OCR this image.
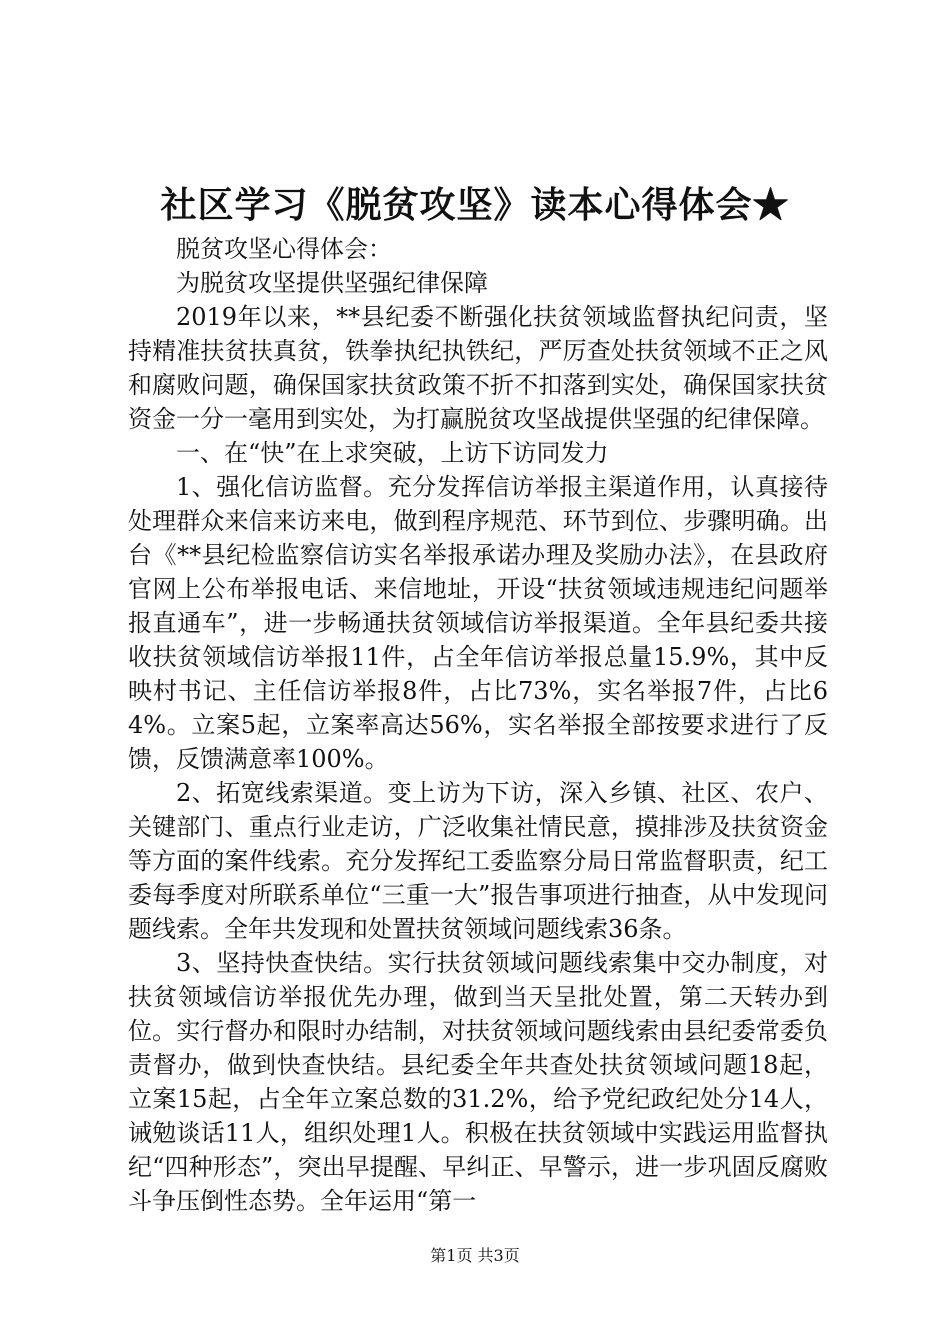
社区学习《脱贫攻坚》读本心得体会★

脱贫攻坚心得体会：

为脱贫攻坚提供坚强纪律保障

2019年以来，**县纪委不断强化扶贫领域监督执纪问责，坚持精准扶贫扶真贫，铁拳执纪执铁纪，严厉查处扶贫领域不正之风和腐败问题，确保国家扶贫政策不折不扣落到实处，确保国家扶贫资金一分一毫用到实处，为打赢脱贫攻坚战提供坚强的纪律保障。

一、在“快”在上求突破，上访下访同发力

1、强化信访监督。充分发挥信访举报主渠道作用，认真接待处理群众来信来访来电，做到程序规范、环节到位、步骤明确。出台《**县纪检监察信访实名举报承诺办理及奖励办法》，在县政府官网上公布举报电话、来信地址，开设“扶贫领域违规违纪问题举报直通车”，进一步畅通扶贫领域信访举报渠道。全年县纪委共接收扶贫领域信访举报11件，占全年信访举报总量15.9%，其中反映村书记、主任信访举报8件，占比73%，实名举报7件，占比64%。立案5起，立案率高达56%，实名举报全部按要求进行了反馈，反馈满意率100%。

2、拓宽线索渠道。变上访为下访，深入乡镇、社区、农户、关键部门、重点行业走访，广泛收集社情民意，摸排涉及扶贫资金等方面的案件线索。充分发挥纪工委监察分局日常监督职责，纪工委每季度对所联系单位“三重一大”报告事项进行抽查，从中发现问题线索。全年共发现和处置扶贫领域问题线索36条。

3、坚持快查快结。实行扶贫领域问题线索集中交办制度，对扶贫领域信访举报优先办理，做到当天呈批处置，第二天转办到位。实行督办和限时办结制，对扶贫领域问题线索由县纪委常委负责督办，做到快查快结。县纪委全年共查处扶贫领域问题18起，立案15起，占全年立案总数的31.2%，给予党纪政纪处分14人，诫勉谈话11人，组织处理1人。积极在扶贫领域中实践运用监督执纪“四种形态”，突出早提醒、早纠正、早警示，进一步巩固反腐败斗争压倒性态势。全年运用“第一

第1页 共3页
